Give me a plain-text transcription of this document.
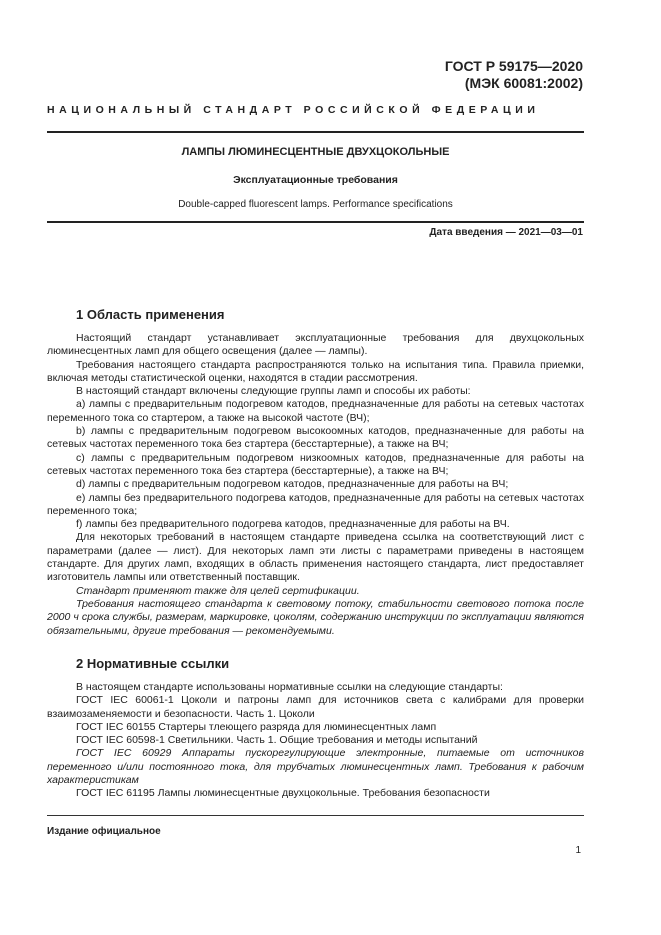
ГОСТ Р 59175—2020
(МЭК 60081:2002)
НАЦИОНАЛЬНЫЙ СТАНДАРТ РОССИЙСКОЙ ФЕДЕРАЦИИ
ЛАМПЫ ЛЮМИНЕСЦЕНТНЫЕ ДВУХЦОКОЛЬНЫЕ
Эксплуатационные требования
Double-capped fluorescent lamps. Performance specifications
Дата введения — 2021—03—01
1 Область применения

Настоящий стандарт устанавливает эксплуатационные требования для двухцокольных люминесцентных ламп для общего освещения (далее — лампы).

Требования настоящего стандарта распространяются только на испытания типа. Правила приемки, включая методы статистической оценки, находятся в стадии рассмотрения.

В настоящий стандарт включены следующие группы ламп и способы их работы:

a) лампы с предварительным подогревом катодов, предназначенные для работы на сетевых частотах переменного тока со стартером, а также на высокой частоте (ВЧ);

b) лампы с предварительным подогревом высокоомных катодов, предназначенные для работы на сетевых частотах переменного тока без стартера (бесстартерные), а также на ВЧ;

c) лампы с предварительным подогревом низкоомных катодов, предназначенные для работы на сетевых частотах переменного тока без стартера (бесстартерные), а также на ВЧ;

d) лампы с предварительным подогревом катодов, предназначенные для работы на ВЧ;

e) лампы без предварительного подогрева катодов, предназначенные для работы на сетевых частотах переменного тока;

f) лампы без предварительного подогрева катодов, предназначенные для работы на ВЧ.

Для некоторых требований в настоящем стандарте приведена ссылка на соответствующий лист с параметрами (далее — лист). Для некоторых ламп эти листы с параметрами приведены в настоящем стандарте. Для других ламп, входящих в область применения настоящего стандарта, лист предоставляет изготовитель лампы или ответственный поставщик.

Стандарт применяют также для целей сертификации.

Требования настоящего стандарта к световому потоку, стабильности светового потока после 2000 ч срока службы, размерам, маркировке, цоколям, содержанию инструкции по эксплуатации являются обязательными, другие требования — рекомендуемыми.

2 Нормативные ссылки

В настоящем стандарте использованы нормативные ссылки на следующие стандарты:

ГОСТ IEC 60061-1 Цоколи и патроны ламп для источников света с калибрами для проверки взаимозаменяемости и безопасности. Часть 1. Цоколи

ГОСТ IEC 60155 Стартеры тлеющего разряда для люминесцентных ламп

ГОСТ IEC 60598-1 Светильники. Часть 1. Общие требования и методы испытаний

ГОСТ IEC 60929 Аппараты пускорегулирующие электронные, питаемые от источников переменного и/или постоянного тока, для трубчатых люминесцентных ламп. Требования к рабочим характеристикам

ГОСТ IEC 61195 Лампы люминесцентные двухцокольные. Требования безопасности

Издание официальное
1
